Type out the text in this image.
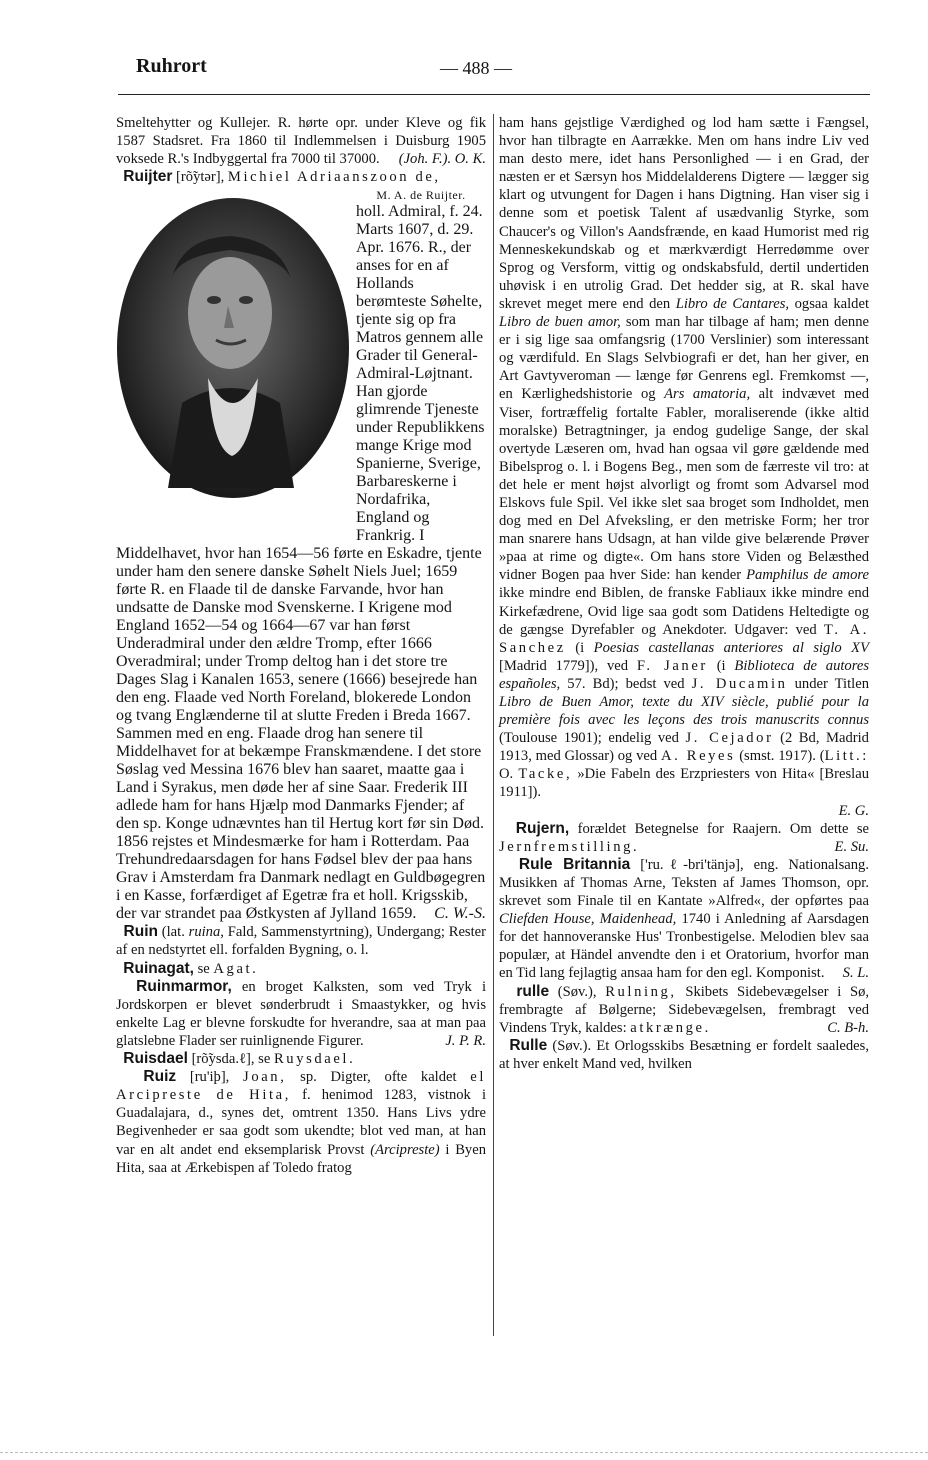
Ruhrort	— 488 —

Smeltehytter og Kullejer. R. hørte opr. under Kleve og fik 1587 Stadsret. Fra 1860 til Indlemmelsen i Duisburg 1905 voksede R.'s Indbyggertal fra 7000 til 37000. (Joh. F.). O. K.

Ruijter [rõ̃ytər], Michiel Adriaanszoon de,

M. A. de Ruijter.
holl. Admiral, f. 24. Marts 1607, d. 29. Apr. 1676. R., der anses for en af Hollands berømteste Søhelte, tjente sig op fra Matros gennem alle Grader til General-Admiral-Løjtnant. Han gjorde glimrende Tjeneste under Republikkens mange Krige mod Spanierne, Sverige, Barbareskerne i Nordafrika, England og Frankrig. I Middelhavet, hvor han 1654—56 førte en Eskadre, tjente under ham den senere danske Søhelt Niels Juel; 1659 førte R. en Flaade til de danske Farvande, hvor han undsatte de Danske mod Svenskerne. I Krigene mod England 1652—54 og 1664—67 var han først Underadmiral under den ældre Tromp, efter 1666 Overadmiral; under Tromp deltog han i det store tre Dages Slag i Kanalen 1653, senere (1666) besejrede han den eng. Flaade ved North Foreland, blokerede London og tvang Englænderne til at slutte Freden i Breda 1667. Sammen med en eng. Flaade drog han senere til Middelhavet for at bekæmpe Franskmændene. I det store Søslag ved Messina 1676 blev han saaret, maatte gaa i Land i Syrakus, men døde her af sine Saar. Frederik III adlede ham for hans Hjælp mod Danmarks Fjender; af den sp. Konge udnævntes han til Hertug kort før sin Død. 1856 rejstes et Mindesmærke for ham i Rotterdam. Paa Trehundredaarsdagen for hans Fødsel blev der paa hans Grav i Amsterdam fra Danmark nedlagt en Guldbøgegren i en Kasse, forfærdiget af Egetræ fra et holl. Krigsskib, der var strandet paa Østkysten af Jylland 1659. C. W.-S.

Ruin (lat. ruina, Fald, Sammenstyrtning), Undergang; Rester af en nedstyrtet ell. forfalden Bygning, o. l.

Ruinagat, se Agat.

Ruinmarmor, en broget Kalksten, som ved Tryk i Jordskorpen er blevet sønderbrudt i Smaastykker, og hvis enkelte Lag er blevne forskudte for hverandre, saa at man paa glatslebne Flader ser ruinlignende Figurer.	J. P. R.

Ruisdael [rõ̃ysda.ℓ], se Ruysdael.

Ruiz [ru'iþ], Joan, sp. Digter, ofte kaldet el Arcipreste de Hita, f. henimod 1283, vistnok i Guadalajara, d., synes det, omtrent 1350. Hans Livs ydre Begivenheder er saa godt som ukendte; blot ved man, at han var en alt andet end eksemplarisk Provst (Arcipreste) i Byen Hita, saa at Ærkebispen af Toledo fratog

ham hans gejstlige Værdighed og lod ham sætte i Fængsel, hvor han tilbragte en Aarrække. Men om hans indre Liv ved man desto mere, idet hans Personlighed — i en Grad, der næsten er et Særsyn hos Middelalderens Digtere — lægger sig klart og utvungent for Dagen i hans Digtning. Han viser sig i denne som et poetisk Talent af usædvanlig Styrke, som Chaucer's og Villon's Aandsfrænde, en kaad Humorist med rig Menneskekundskab og et mærkværdigt Herredømme over Sprog og Versform, vittig og ondskabsfuld, dertil undertiden uhøvisk i en utrolig Grad. Det hedder sig, at R. skal have skrevet meget mere end den Libro de Cantares, ogsaa kaldet Libro de buen amor, som man har tilbage af ham; men denne er i sig lige saa omfangsrig (1700 Verslinier) som interessant og værdifuld. En Slags Selvbiografi er det, han her giver, en Art Gavtyveroman — længe før Genrens egl. Fremkomst —, en Kærlighedshistorie og Ars amatoria, alt indvævet med Viser, fortræffelig fortalte Fabler, moraliserende (ikke altid moralske) Betragtninger, ja endog gudelige Sange, der skal overtyde Læseren om, hvad han ogsaa vil gøre gældende med Bibelsprog o. l. i Bogens Beg., men som de færreste vil tro: at det hele er ment højst alvorligt og fromt som Advarsel mod Elskovs fule Spil. Vel ikke slet saa broget som Indholdet, men dog med en Del Afveksling, er den metriske Form; her tror man snarere hans Udsagn, at han vilde give belærende Prøver »paa at rime og digte«. Om hans store Viden og Belæsthed vidner Bogen paa hver Side: han kender Pamphilus de amore ikke mindre end Biblen, de franske Fabliaux ikke mindre end Kirkefædrene, Ovid lige saa godt som Datidens Heltedigte og de gængse Dyrefabler og Anekdoter. Udgaver: ved T. A. Sanchez (i Poesias castellanas anteriores al siglo XV [Madrid 1779]), ved F. Janer (i Biblioteca de autores españoles, 57. Bd); bedst ved J. Ducamin under Titlen Libro de Buen Amor, texte du XIV siècle, publié pour la première fois avec les leçons des trois manuscrits connus (Toulouse 1901); endelig ved J. Cejador (2 Bd, Madrid 1913, med Glossar) og ved A. Reyes (smst. 1917). (Litt.: O. Tacke, »Die Fabeln des Erzpriesters von Hita« [Breslau 1911]).
E. G.

Rujern, forældet Betegnelse for Raajern. Om dette se Jernfremstilling.	E. Su.

Rule Britannia ['ru.ℓ-bri'tänjə], eng. Nationalsang. Musikken af Thomas Arne, Teksten af James Thomson, opr. skrevet som Finale til en Kantate »Alfred«, der opførtes paa Cliefden House, Maidenhead, 1740 i Anledning af Aarsdagen for det hannoveranske Hus' Tronbestigelse. Melodien blev saa populær, at Händel anvendte den i et Oratorium, hvorfor man en Tid lang fejlagtig ansaa ham for den egl. Komponist. S. L.

rulle (Søv.), Rulning, Skibets Sidebevægelser i Sø, frembragte af Bølgerne; Sidebevægelsen, frembragt ved Vindens Tryk, kaldes: atkrænge.	C. B-h.

Rulle (Søv.). Et Orlogsskibs Besætning er fordelt saaledes, at hver enkelt Mand ved, hvilken
